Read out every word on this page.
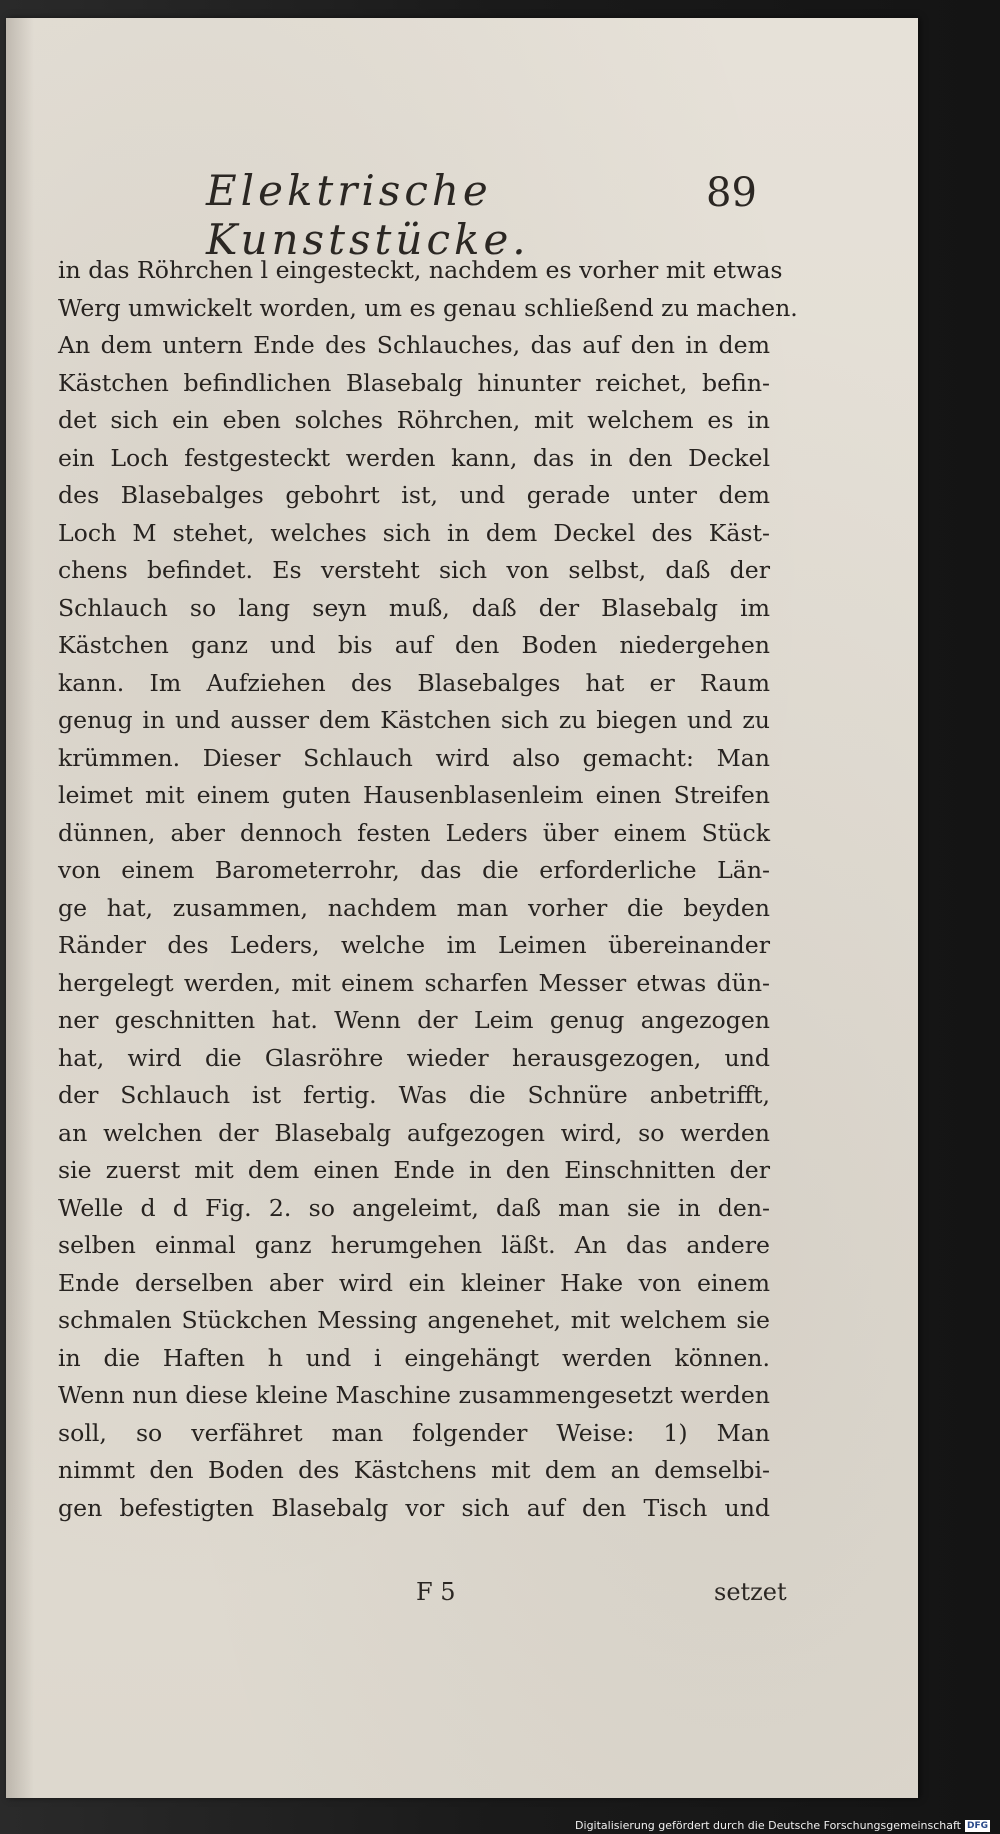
Elektrische Kunststücke.
89
in das Röhrchen l eingesteckt, nachdem es vorher mit etwas
Werg umwickelt worden, um es genau schließend zu machen.
An dem untern Ende des Schlauches, das auf den in dem
Kästchen befindlichen Blasebalg hinunter reichet, befin-
det sich ein eben solches Röhrchen, mit welchem es in
ein Loch festgesteckt werden kann, das in den Deckel
des Blasebalges gebohrt ist, und gerade unter dem
Loch M stehet, welches sich in dem Deckel des Käst-
chens befindet. Es versteht sich von selbst, daß der
Schlauch so lang seyn muß, daß der Blasebalg im
Kästchen ganz und bis auf den Boden niedergehen
kann. Im Aufziehen des Blasebalges hat er Raum
genug in und ausser dem Kästchen sich zu biegen und zu
krümmen. Dieser Schlauch wird also gemacht: Man
leimet mit einem guten Hausenblasenleim einen Streifen
dünnen, aber dennoch festen Leders über einem Stück
von einem Barometerrohr, das die erforderliche Län-
ge hat, zusammen, nachdem man vorher die beyden
Ränder des Leders, welche im Leimen übereinander
hergelegt werden, mit einem scharfen Messer etwas dün-
ner geschnitten hat. Wenn der Leim genug angezogen
hat, wird die Glasröhre wieder herausgezogen, und
der Schlauch ist fertig. Was die Schnüre anbetrifft,
an welchen der Blasebalg aufgezogen wird, so werden
sie zuerst mit dem einen Ende in den Einschnitten der
Welle d d Fig. 2. so angeleimt, daß man sie in den-
selben einmal ganz herumgehen läßt. An das andere
Ende derselben aber wird ein kleiner Hake von einem
schmalen Stückchen Messing angenehet, mit welchem sie
in die Haften h und i eingehängt werden können.
Wenn nun diese kleine Maschine zusammengesetzt werden
soll, so verfähret man folgender Weise: 1) Man
nimmt den Boden des Kästchens mit dem an demselbi-
gen befestigten Blasebalg vor sich auf den Tisch und
F 5	setzet
Digitalisierung gefördert durch die Deutsche Forschungsgemeinschaft DFG
